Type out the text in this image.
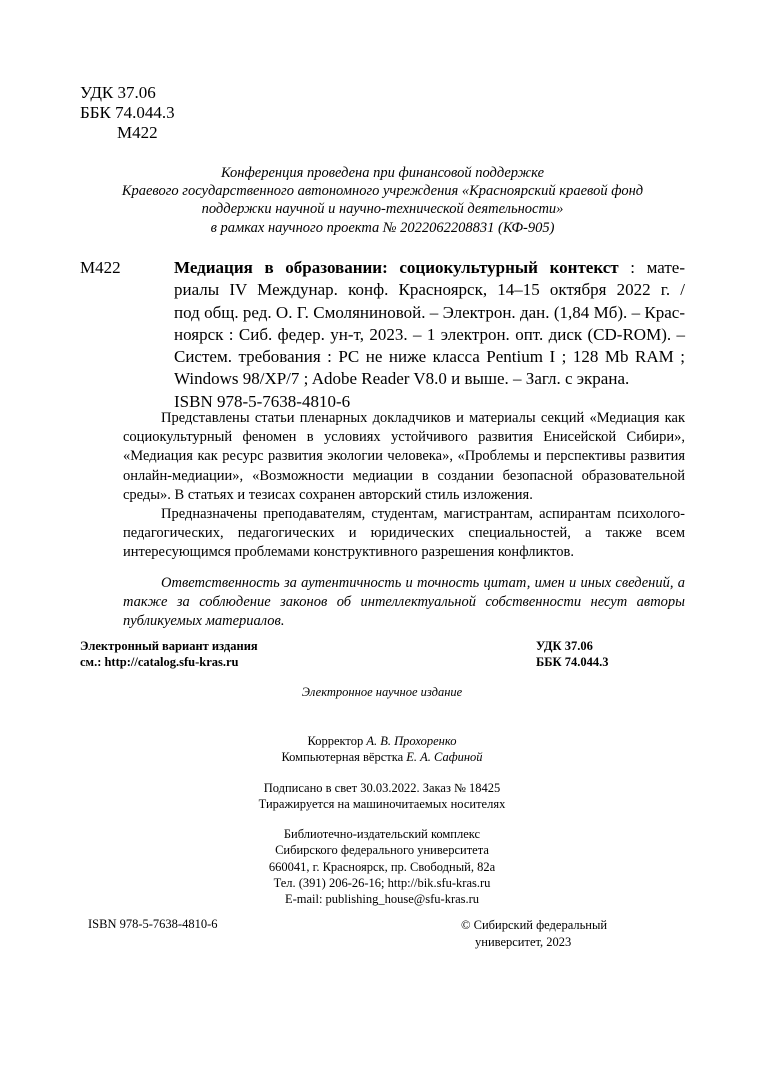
УДК 37.06
ББК 74.044.3
М422
Конференция проведена при финансовой поддержке
Краевого государственного автономного учреждения «Красноярский краевой фонд
поддержки научной и научно-технической деятельности»
в рамках научного проекта № 2022062208831 (КФ-905)
М422	Медиация в образовании: социокультурный контекст : мате-

риалы IV Междунар. конф. Красноярск, 14–15 октября 2022 г. /

под общ. ред. О. Г. Смоляниновой. – Электрон. дан. (1,84 Мб). – Крас-

ноярск : Сиб. федер. ун-т, 2023. – 1 электрон. опт. диск (CD-ROM). –

Систем. требования : PC не ниже класса Pentium I ; 128 Mb RAM ;

Windows 98/XP/7 ; Adobe Reader V8.0 и выше. – Загл. с экрана.

ISBN 978-5-7638-4810-6

Представлены статьи пленарных докладчиков и материалы секций «Медиация как социокультурный феномен в условиях устойчивого развития Енисейской Сибири», «Медиация как ресурс развития экологии человека», «Проблемы и перспективы развития онлайн-медиации», «Возможности медиации в создании безопасной образовательной среды». В статьях и тезисах сохранен авторский стиль изложения.

Предназначены преподавателям, студентам, магистрантам, аспирантам психолого-педагогических, педагогических и юридических специальностей, а также всем интересующимся проблемами конструктивного разрешения конфликтов.

Ответственность за аутентичность и точность цитат, имен и иных сведений, а также за соблюдение законов об интеллектуальной собственности несут авторы публикуемых материалов.

Электронный вариант издания
см.: http://catalog.sfu-kras.ru
УДК 37.06
ББК 74.044.3
Электронное научное издание
Корректор А. В. Прохоренко
Компьютерная вёрстка Е. А. Сафиной
Подписано в свет 30.03.2022. Заказ № 18425
Тиражируется на машиночитаемых носителях
Библиотечно-издательский комплекс
Сибирского федерального университета
660041, г. Красноярск, пр. Свободный, 82а
Тел. (391) 206-26-16; http://bik.sfu-kras.ru
E-mail: publishing_house@sfu-kras.ru
ISBN 978-5-7638-4810-6	© Сибирский федеральный
университет, 2023
